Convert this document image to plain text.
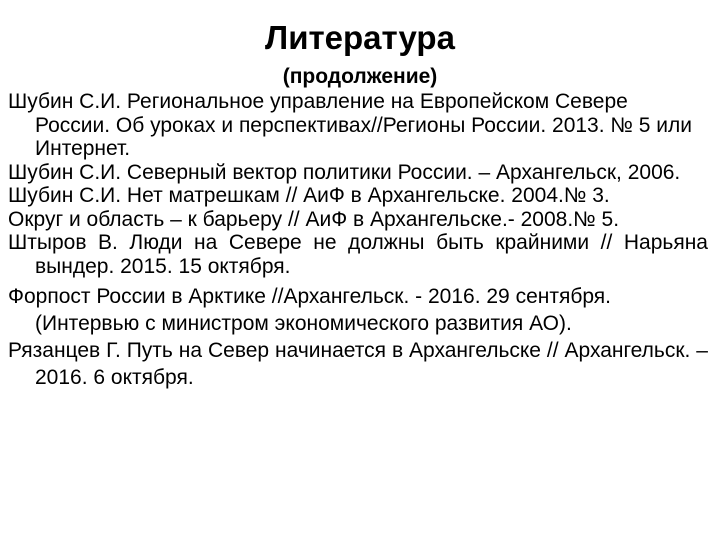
Литература
(продолжение)
Шубин С.И. Региональное управление на Европейском Севере России. Об уроках и перспективах//Регионы России. 2013. № 5 или Интернет.
Шубин С.И. Северный вектор политики России. – Архангельск, 2006.
Шубин С.И. Нет матрешкам // АиФ в Архангельске. 2004.№ 3.
Округ и область – к барьеру // АиФ в Архангельске.- 2008.№ 5.
Штыров В. Люди на Севере не должны быть крайними // Нарьяна вындер. 2015. 15 октября.
Форпост России в Арктике //Архангельск. - 2016. 29 сентября. (Интервью с министром экономического развития АО).
Рязанцев Г. Путь на Север начинается в Архангельске // Архангельск. – 2016. 6 октября.
